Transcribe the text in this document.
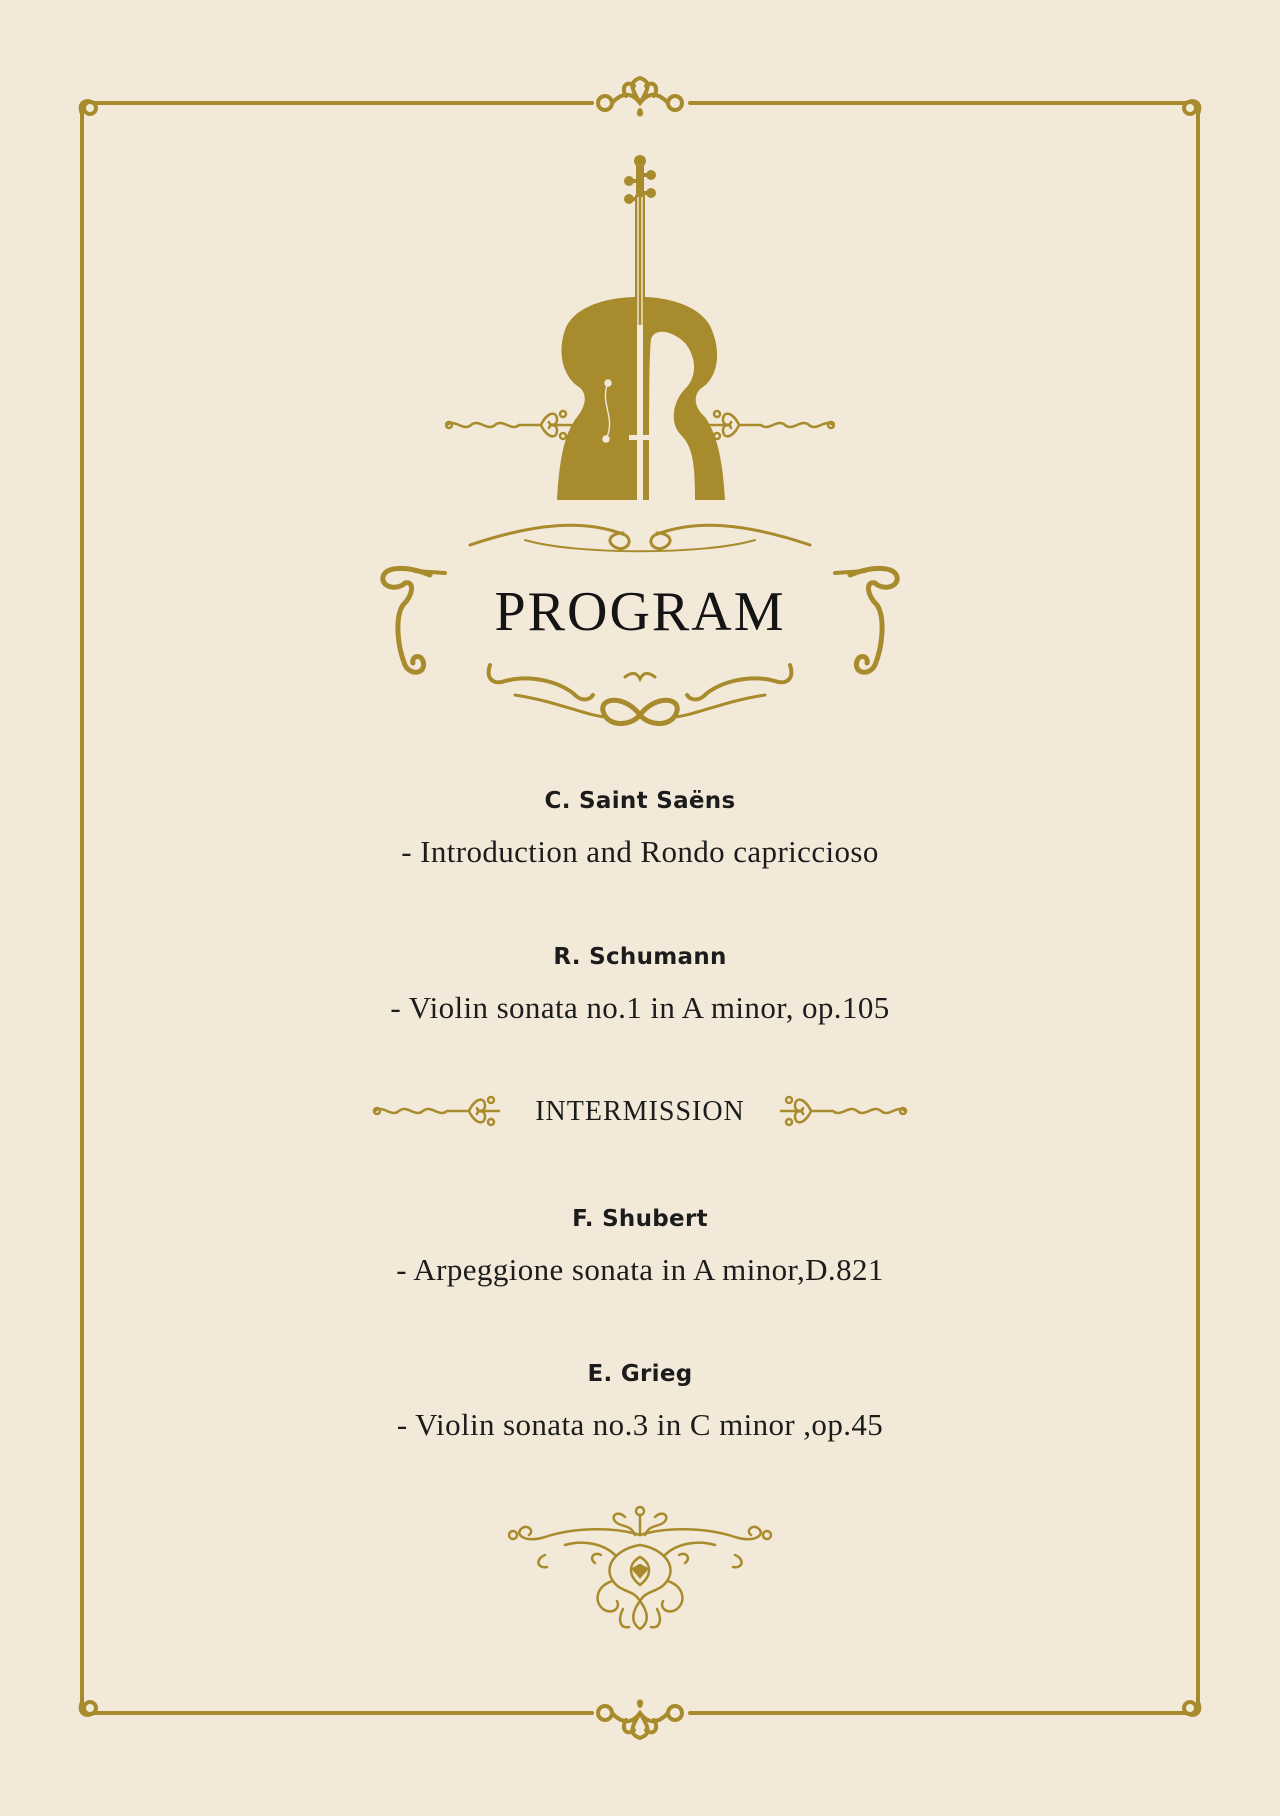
PROGRAM
C. Saint Saëns
- Introduction and Rondo capriccioso
R. Schumann
- Violin sonata no.1 in A minor, op.105
INTERMISSION
F. Shubert
- Arpeggione sonata in A minor,D.821
E. Grieg
- Violin sonata no.3 in C minor ,op.45
